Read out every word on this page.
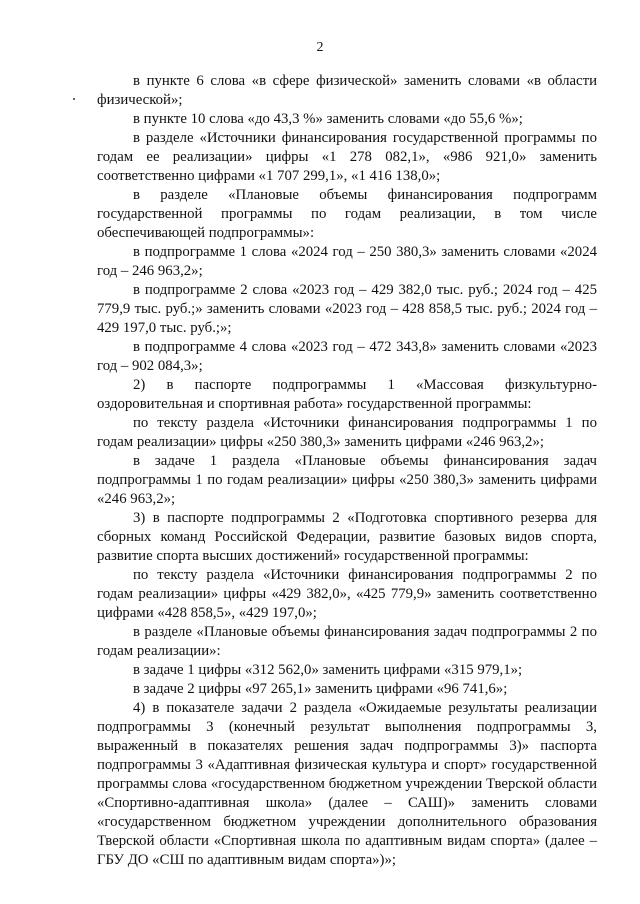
2

в пункте 6 слова «в сфере физической» заменить словами «в области физической»;

в пункте 10 слова «до 43,3 %» заменить словами «до 55,6 %»;

в разделе «Источники финансирования государственной программы по годам ее реализации» цифры «1 278 082,1», «986 921,0» заменить соответственно цифрами «1 707 299,1», «1 416 138,0»;

в разделе «Плановые объемы финансирования подпрограмм государственной программы по годам реализации, в том числе обеспечивающей подпрограммы»:

в подпрограмме 1 слова «2024 год – 250 380,3» заменить словами «2024 год – 246 963,2»;

в подпрограмме 2 слова «2023 год – 429 382,0 тыс. руб.; 2024 год – 425 779,9 тыс. руб.;» заменить словами «2023 год – 428 858,5 тыс. руб.; 2024 год – 429 197,0 тыс. руб.;»;

в подпрограмме 4 слова «2023 год – 472 343,8» заменить словами «2023 год – 902 084,3»;

2) в паспорте подпрограммы 1 «Массовая физкультурно-оздоровительная и спортивная работа» государственной программы:

по тексту раздела «Источники финансирования подпрограммы 1 по годам реализации» цифры «250 380,3» заменить цифрами «246 963,2»;

в задаче 1 раздела «Плановые объемы финансирования задач подпрограммы 1 по годам реализации» цифры «250 380,3» заменить цифрами «246 963,2»;

3) в паспорте подпрограммы 2 «Подготовка спортивного резерва для сборных команд Российской Федерации, развитие базовых видов спорта, развитие спорта высших достижений» государственной программы:

по тексту раздела «Источники финансирования подпрограммы 2 по годам реализации» цифры «429 382,0», «425 779,9» заменить соответственно цифрами «428 858,5», «429 197,0»;

в разделе «Плановые объемы финансирования задач подпрограммы 2 по годам реализации»:

в задаче 1 цифры «312 562,0» заменить цифрами «315 979,1»;

в задаче 2 цифры «97 265,1» заменить цифрами «96 741,6»;

4) в показателе задачи 2 раздела «Ожидаемые результаты реализации подпрограммы 3 (конечный результат выполнения подпрограммы 3, выраженный в показателях решения задач подпрограммы 3)» паспорта подпрограммы 3 «Адаптивная физическая культура и спорт» государственной программы слова «государственном бюджетном учреждении Тверской области «Спортивно-адаптивная школа» (далее – САШ)» заменить словами «государственном бюджетном учреждении дополнительного образования Тверской области «Спортивная школа по адаптивным видам спорта» (далее – ГБУ ДО «СШ по адаптивным видам спорта»)»;
